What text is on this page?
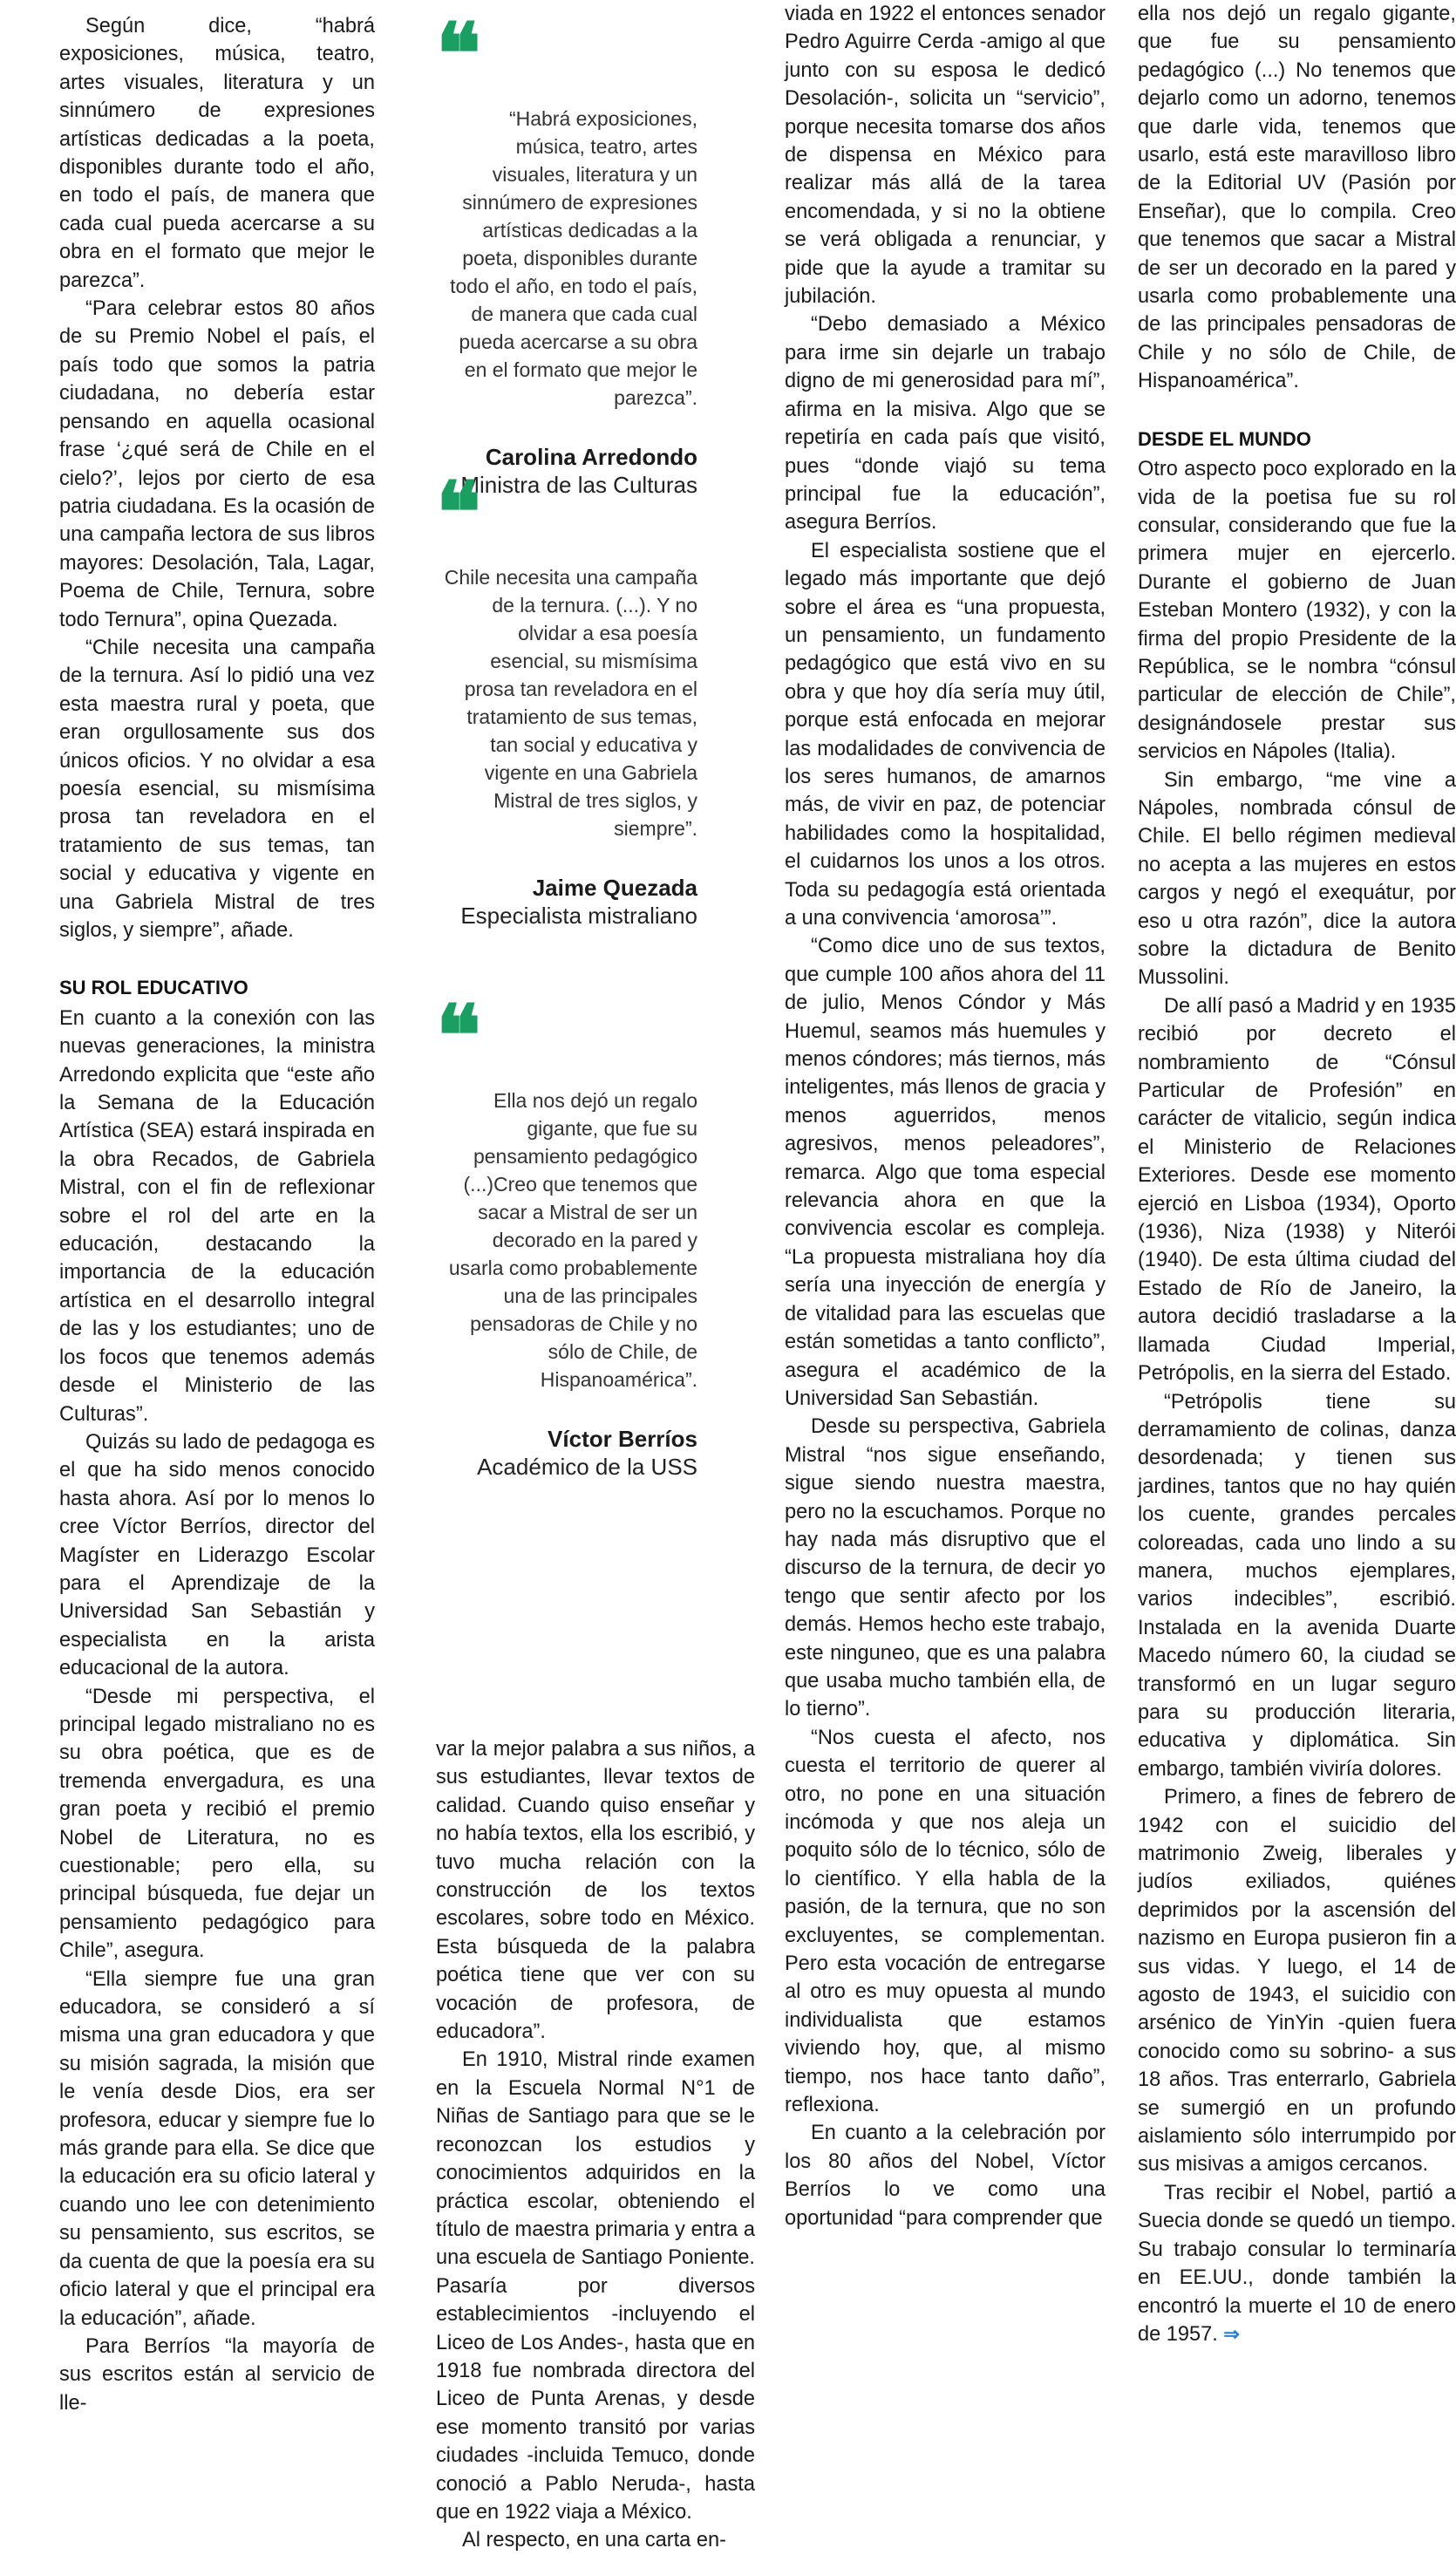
Según dice, “habrá exposiciones, música, teatro, artes visuales, literatura y un sinnúmero de expresiones artísticas dedicadas a la poeta, disponibles durante todo el año, en todo el país, de manera que cada cual pueda acercarse a su obra en el formato que mejor le parezca”.

“Para celebrar estos 80 años de su Premio Nobel el país, el país todo que somos la patria ciudadana, no debería estar pensando en aquella ocasional frase ‘¿qué será de Chile en el cielo?’, lejos por cierto de esa patria ciudadana. Es la ocasión de una campaña lectora de sus libros mayores: Desolación, Tala, Lagar, Poema de Chile, Ternura, sobre todo Ternura”, opina Quezada.

“Chile necesita una campaña de la ternura. Así lo pidió una vez esta maestra rural y poeta, que eran orgullosamente sus dos únicos oficios. Y no olvidar a esa poesía esencial, su mismísima prosa tan reveladora en el tratamiento de sus temas, tan social y educativa y vigente en una Gabriela Mistral de tres siglos, y siempre”, añade.

SU ROL EDUCATIVO

En cuanto a la conexión con las nuevas generaciones, la ministra Arredondo explicita que “este año la Semana de la Educación Artística (SEA) estará inspirada en la obra Recados, de Gabriela Mistral, con el fin de reflexionar sobre el rol del arte en la educación, destacando la importancia de la educación artística en el desarrollo integral de las y los estudiantes; uno de los focos que tenemos además desde el Ministerio de las Culturas”.

Quizás su lado de pedagoga es el que ha sido menos conocido hasta ahora. Así por lo menos lo cree Víctor Berríos, director del Magíster en Liderazgo Escolar para el Aprendizaje de la Universidad San Sebastián y especialista en la arista educacional de la autora.

“Desde mi perspectiva, el principal legado mistraliano no es su obra poética, que es de tremenda envergadura, es una gran poeta y recibió el premio Nobel de Literatura, no es cuestionable; pero ella, su principal búsqueda, fue dejar un pensamiento pedagógico para Chile”, asegura.

“Ella siempre fue una gran educadora, se consideró a sí misma una gran educadora y que su misión sagrada, la misión que le venía desde Dios, era ser profesora, educar y siempre fue lo más grande para ella. Se dice que la educación era su oficio lateral y cuando uno lee con detenimiento su pensamiento, sus escritos, se da cuenta de que la poesía era su oficio lateral y que el principal era la educación”, añade.

Para Berríos “la mayoría de sus escritos están al servicio de lle-

❝
“Habrá exposiciones, música, teatro, artes visuales, literatura y un sinnúmero de expresiones artísticas dedicadas a la poeta, disponibles durante todo el año, en todo el país, de manera que cada cual pueda acercarse a su obra en el formato que mejor le parezca”.
Carolina Arredondo
Ministra de las Culturas
❝
Chile necesita una campaña de la ternura. (...). Y no olvidar a esa poesía esencial, su mismísima prosa tan reveladora en el tratamiento de sus temas, tan social y educativa y vigente en una Gabriela Mistral de tres siglos, y siempre”.
Jaime Quezada
Especialista mistraliano
❝
Ella nos dejó un regalo gigante, que fue su pensamiento pedagógico (...)Creo que tenemos que sacar a Mistral de ser un decorado en la pared y usarla como probablemente una de las principales pensadoras de Chile y no sólo de Chile, de Hispanoamérica”.
Víctor Berríos
Académico de la USS

var la mejor palabra a sus niños, a sus estudiantes, llevar textos de calidad. Cuando quiso enseñar y no había textos, ella los escribió, y tuvo mucha relación con la construcción de los textos escolares, sobre todo en México. Esta búsqueda de la palabra poética tiene que ver con su vocación de profesora, de educadora”.

En 1910, Mistral rinde examen en la Escuela Normal N°1 de Niñas de Santiago para que se le reconozcan los estudios y conocimientos adquiridos en la práctica escolar, obteniendo el título de maestra primaria y entra a una escuela de Santiago Poniente. Pasaría por diversos establecimientos -incluyendo el Liceo de Los Andes-, hasta que en 1918 fue nombrada directora del Liceo de Punta Arenas, y desde ese momento transitó por varias ciudades -incluida Temuco, donde conoció a Pablo Neruda-, hasta que en 1922 viaja a México.

Al respecto, en una carta en-

viada en 1922 el entonces senador Pedro Aguirre Cerda -amigo al que junto con su esposa le dedicó Desolación-, solicita un “servicio”, porque necesita tomarse dos años de dispensa en México para realizar más allá de la tarea encomendada, y si no la obtiene se verá obligada a renunciar, y pide que la ayude a tramitar su jubilación.

“Debo demasiado a México para irme sin dejarle un trabajo digno de mi generosidad para mí”, afirma en la misiva. Algo que se repetiría en cada país que visitó, pues “donde viajó su tema principal fue la educación”, asegura Berríos.

El especialista sostiene que el legado más importante que dejó sobre el área es “una propuesta, un pensamiento, un fundamento pedagógico que está vivo en su obra y que hoy día sería muy útil, porque está enfocada en mejorar las modalidades de convivencia de los seres humanos, de amarnos más, de vivir en paz, de potenciar habilidades como la hospitalidad, el cuidarnos los unos a los otros. Toda su pedagogía está orientada a una convivencia ‘amorosa’”.

“Como dice uno de sus textos, que cumple 100 años ahora del 11 de julio, Menos Cóndor y Más Huemul, seamos más huemules y menos cóndores; más tiernos, más inteligentes, más llenos de gracia y menos aguerridos, menos agresivos, menos peleadores”, remarca. Algo que toma especial relevancia ahora en que la convivencia escolar es compleja. “La propuesta mistraliana hoy día sería una inyección de energía y de vitalidad para las escuelas que están sometidas a tanto conflicto”, asegura el académico de la Universidad San Sebastián.

Desde su perspectiva, Gabriela Mistral “nos sigue enseñando, sigue siendo nuestra maestra, pero no la escuchamos. Porque no hay nada más disruptivo que el discurso de la ternura, de decir yo tengo que sentir afecto por los demás. Hemos hecho este trabajo, este ninguneo, que es una palabra que usaba mucho también ella, de lo tierno”.

“Nos cuesta el afecto, nos cuesta el territorio de querer al otro, no pone en una situación incómoda y que nos aleja un poquito sólo de lo técnico, sólo de lo científico. Y ella habla de la pasión, de la ternura, que no son excluyentes, se complementan. Pero esta vocación de entregarse al otro es muy opuesta al mundo individualista que estamos viviendo hoy, que, al mismo tiempo, nos hace tanto daño”, reflexiona.

En cuanto a la celebración por los 80 años del Nobel, Víctor Berríos lo ve como una oportunidad “para comprender que

ella nos dejó un regalo gigante, que fue su pensamiento pedagógico (...) No tenemos que dejarlo como un adorno, tenemos que darle vida, tenemos que usarlo, está este maravilloso libro de la Editorial UV (Pasión por Enseñar), que lo compila. Creo que tenemos que sacar a Mistral de ser un decorado en la pared y usarla como probablemente una de las principales pensadoras de Chile y no sólo de Chile, de Hispanoamérica”.

DESDE EL MUNDO

Otro aspecto poco explorado en la vida de la poetisa fue su rol consular, considerando que fue la primera mujer en ejercerlo. Durante el gobierno de Juan Esteban Montero (1932), y con la firma del propio Presidente de la República, se le nombra “cónsul particular de elección de Chile”, designándosele prestar sus servicios en Nápoles (Italia).

Sin embargo, “me vine a Nápoles, nombrada cónsul de Chile. El bello régimen medieval no acepta a las mujeres en estos cargos y negó el exequátur, por eso u otra razón”, dice la autora sobre la dictadura de Benito Mussolini.

De allí pasó a Madrid y en 1935 recibió por decreto el nombramiento de “Cónsul Particular de Profesión” en carácter de vitalicio, según indica el Ministerio de Relaciones Exteriores. Desde ese momento ejerció en Lisboa (1934), Oporto (1936), Niza (1938) y Niterói (1940). De esta última ciudad del Estado de Río de Janeiro, la autora decidió trasladarse a la llamada Ciudad Imperial, Petrópolis, en la sierra del Estado.

“Petrópolis tiene su derramamiento de colinas, danza desordenada; y tienen sus jardines, tantos que no hay quién los cuente, grandes percales coloreadas, cada uno lindo a su manera, muchos ejemplares, varios indecibles”, escribió. Instalada en la avenida Duarte Macedo número 60, la ciudad se transformó en un lugar seguro para su producción literaria, educativa y diplomática. Sin embargo, también viviría dolores.

Primero, a fines de febrero de 1942 con el suicidio del matrimonio Zweig, liberales y judíos exiliados, quiénes deprimidos por la ascensión del nazismo en Europa pusieron fin a sus vidas. Y luego, el 14 de agosto de 1943, el suicidio con arsénico de YinYin -quien fuera conocido como su sobrino- a sus 18 años. Tras enterrarlo, Gabriela se sumergió en un profundo aislamiento sólo interrumpido por sus misivas a amigos cercanos.

Tras recibir el Nobel, partió a Suecia donde se quedó un tiempo. Su trabajo consular lo terminaría en EE.UU., donde también la encontró la muerte el 10 de enero de 1957. ⇒
